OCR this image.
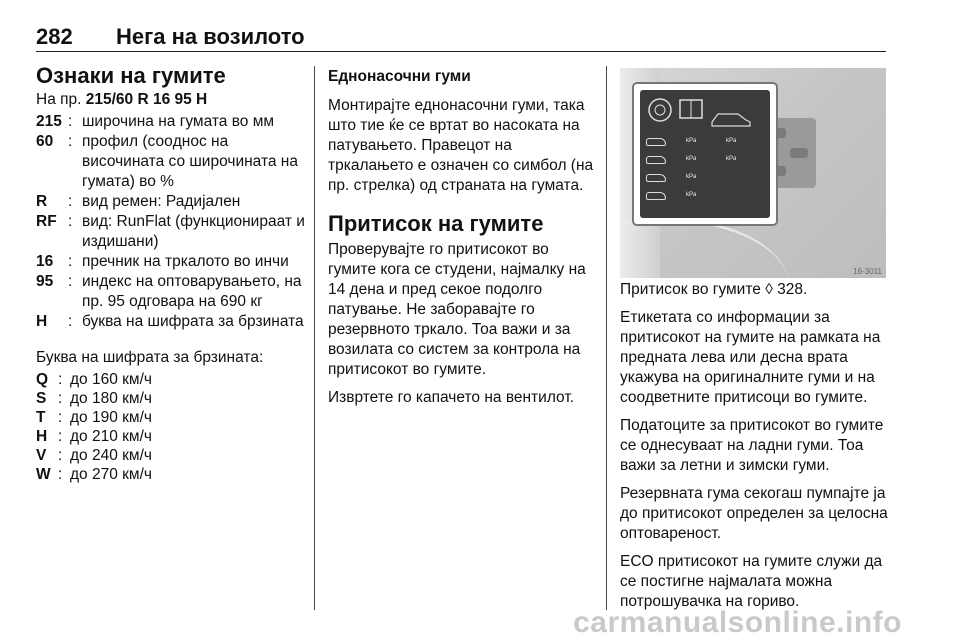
282 Нега на возилото
Ознаки на гумите
На пр. 215/60 R 16 95 H
215 : широчина на гумата во мм
60 : профил (соoднос на височината со широчината на гумата) во %
R	: вид ремен: Радијален
RF : вид: RunFlat (функционираат и издишани)
16 : пречник на тркалото во инчи
95 : индекс на оптоварувањето, на пр. 95 одговара на 690 кг
H	: буква на шифрата за брзината

Буква на шифрата за брзината:

Q : до 160 км/ч
S : до 180 км/ч
T : до 190 км/ч
H : до 210 км/ч
V : до 240 км/ч
W : до 270 км/ч
Еднонасочни гуми

Монтирајте еднонасочни гуми, така што тие ќе се вртат во насоката на патувањето. Правецот на тркалањето е означен со симбол (на пр. стрелка) од страната на гумата.

Притисок на гумите

Проверувајте го притисокот во гумите кога се студени, најмалку на 14 дена и пред секое подолго патување. Не заборавајте го резервното тркало. Тоа важи и за возилата со систем за контрола на притисокот во гумите.

Извртете го капачето на вентилот.

kPa	kPa
kPa	kPa
kPa
kPa
16-3011

Притисок во гумите ◊ 328.

Етикетата со информации за притисокот на гумите на рамката на предната лева или десна врата укажува на оригиналните гуми и на соодветните притисоци во гумите.

Податоците за притисокот во гумите се однесуваат на ладни гуми. Тоа важи за летни и зимски гуми.

Резервната гума секогаш пумпајте ја до притисокот определен за целосна оптовареност.

ECO притисокот на гумите служи да се постигне најмалата можна потрошувачка на гориво.

carmanualsonline.info
